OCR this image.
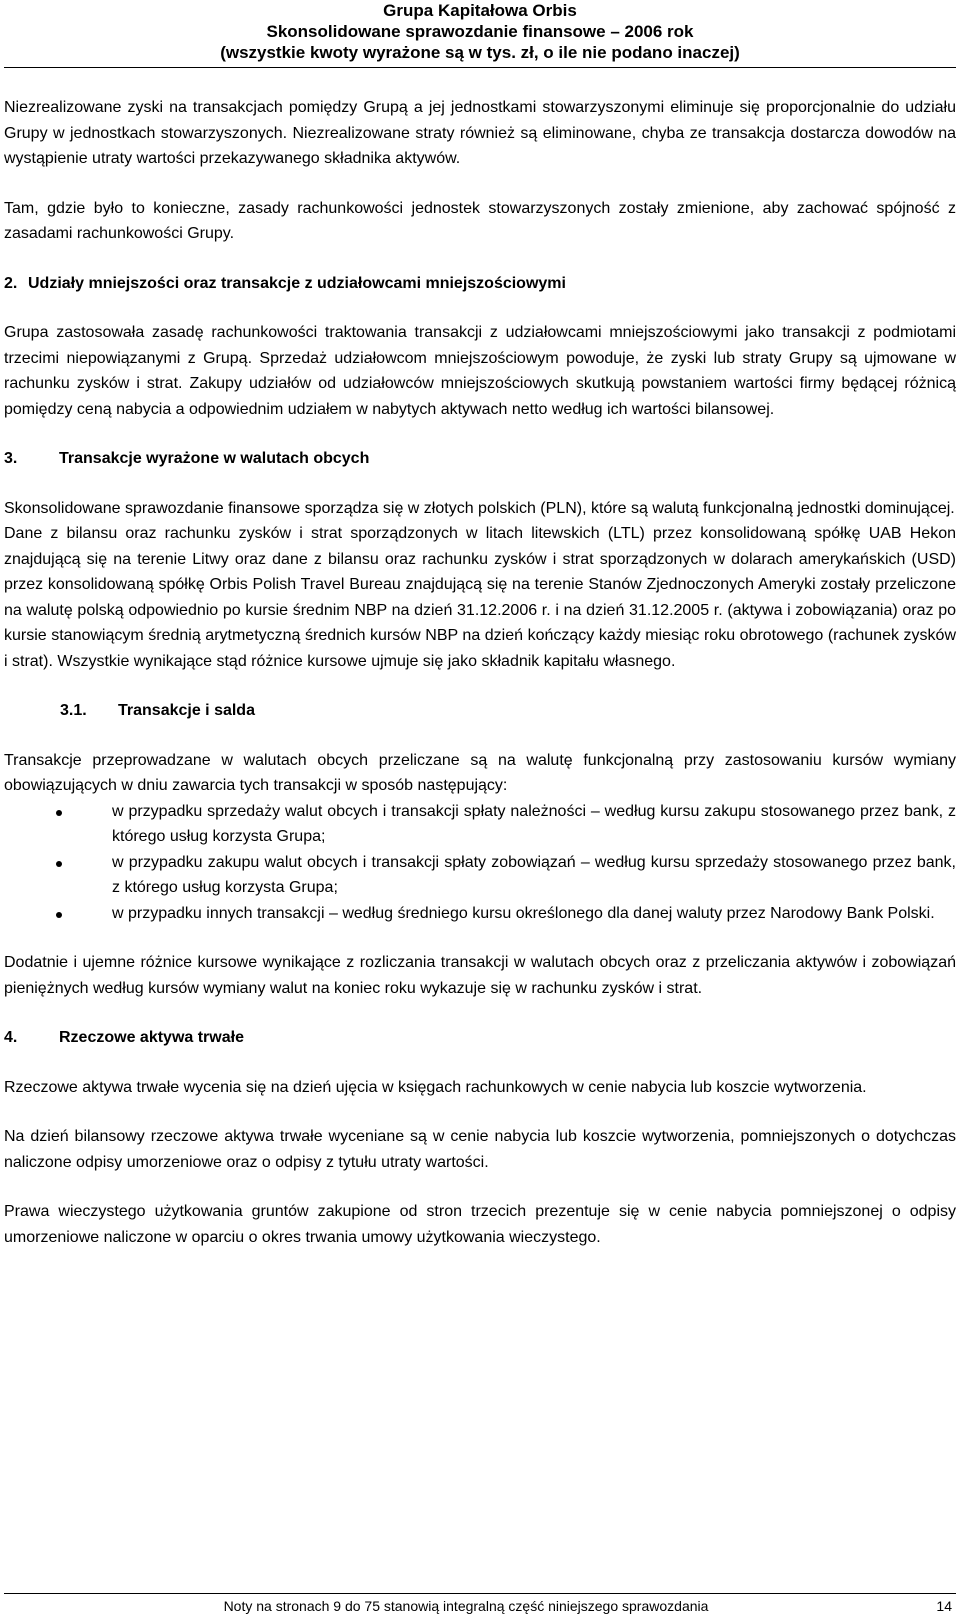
Grupa Kapitałowa Orbis
Skonsolidowane sprawozdanie finansowe – 2006 rok
(wszystkie kwoty wyrażone są w tys. zł, o ile nie podano inaczej)

Niezrealizowane zyski na transakcjach pomiędzy Grupą a jej jednostkami stowarzyszonymi eliminuje się proporcjonalnie do udziału Grupy w jednostkach stowarzyszonych. Niezrealizowane straty również są eliminowane, chyba ze transakcja dostarcza dowodów na wystąpienie utraty wartości przekazywanego składnika aktywów.

Tam, gdzie było to konieczne, zasady rachunkowości jednostek stowarzyszonych zostały zmienione, aby zachować spójność z zasadami rachunkowości Grupy.

2. Udziały mniejszości oraz transakcje z udziałowcami mniejszościowymi

Grupa zastosowała zasadę rachunkowości traktowania transakcji z udziałowcami mniejszościowymi jako transakcji z podmiotami trzecimi niepowiązanymi z Grupą. Sprzedaż udziałowcom mniejszościowym powoduje, że zyski lub straty Grupy są ujmowane w rachunku zysków i strat. Zakupy udziałów od udziałowców mniejszościowych skutkują powstaniem wartości firmy będącej różnicą pomiędzy ceną nabycia a odpowiednim udziałem w nabytych aktywach netto według ich wartości bilansowej.

3.	Transakcje wyrażone w walutach obcych

Skonsolidowane sprawozdanie finansowe sporządza się w złotych polskich (PLN), które są walutą funkcjonalną jednostki dominującej.

Dane z bilansu oraz rachunku zysków i strat sporządzonych w litach litewskich (LTL) przez konsolidowaną spółkę UAB Hekon znajdującą się na terenie Litwy oraz dane z bilansu oraz rachunku zysków i strat sporządzonych w dolarach amerykańskich (USD) przez konsolidowaną spółkę Orbis Polish Travel Bureau znajdującą się na terenie Stanów Zjednoczonych Ameryki zostały przeliczone na walutę polską odpowiednio po kursie średnim NBP na dzień 31.12.2006 r. i na dzień 31.12.2005 r. (aktywa i zobowiązania) oraz po kursie stanowiącym średnią arytmetyczną średnich kursów NBP na dzień kończący każdy miesiąc roku obrotowego (rachunek zysków i strat). Wszystkie wynikające stąd różnice kursowe ujmuje się jako składnik kapitału własnego.

3.1. Transakcje i salda

Transakcje przeprowadzane w walutach obcych przeliczane są na walutę funkcjonalną przy zastosowaniu kursów wymiany obowiązujących w dniu zawarcia tych transakcji w sposób następujący:

w przypadku sprzedaży walut obcych i transakcji spłaty należności – według kursu zakupu stosowanego przez bank, z którego usług korzysta Grupa;
w przypadku zakupu walut obcych i transakcji spłaty zobowiązań – według kursu sprzedaży stosowanego przez bank, z którego usług korzysta Grupa;
w przypadku innych transakcji – według średniego kursu określonego dla danej waluty przez Narodowy Bank Polski.

Dodatnie i ujemne różnice kursowe wynikające z rozliczania transakcji w walutach obcych oraz z przeliczania aktywów i zobowiązań pieniężnych według kursów wymiany walut na koniec roku wykazuje się w rachunku zysków i strat.

4.	Rzeczowe aktywa trwałe

Rzeczowe aktywa trwałe wycenia się na dzień ujęcia w księgach rachunkowych w cenie nabycia lub koszcie wytworzenia.

Na dzień bilansowy rzeczowe aktywa trwałe wyceniane są w cenie nabycia lub koszcie wytworzenia, pomniejszonych o dotychczas naliczone odpisy umorzeniowe oraz o odpisy z tytułu utraty wartości.

Prawa wieczystego użytkowania gruntów zakupione od stron trzecich prezentuje się w cenie nabycia pomniejszonej o odpisy umorzeniowe naliczone w oparciu o okres trwania umowy użytkowania wieczystego.

Noty na stronach 9 do 75 stanowią integralną część niniejszego sprawozdania	14
